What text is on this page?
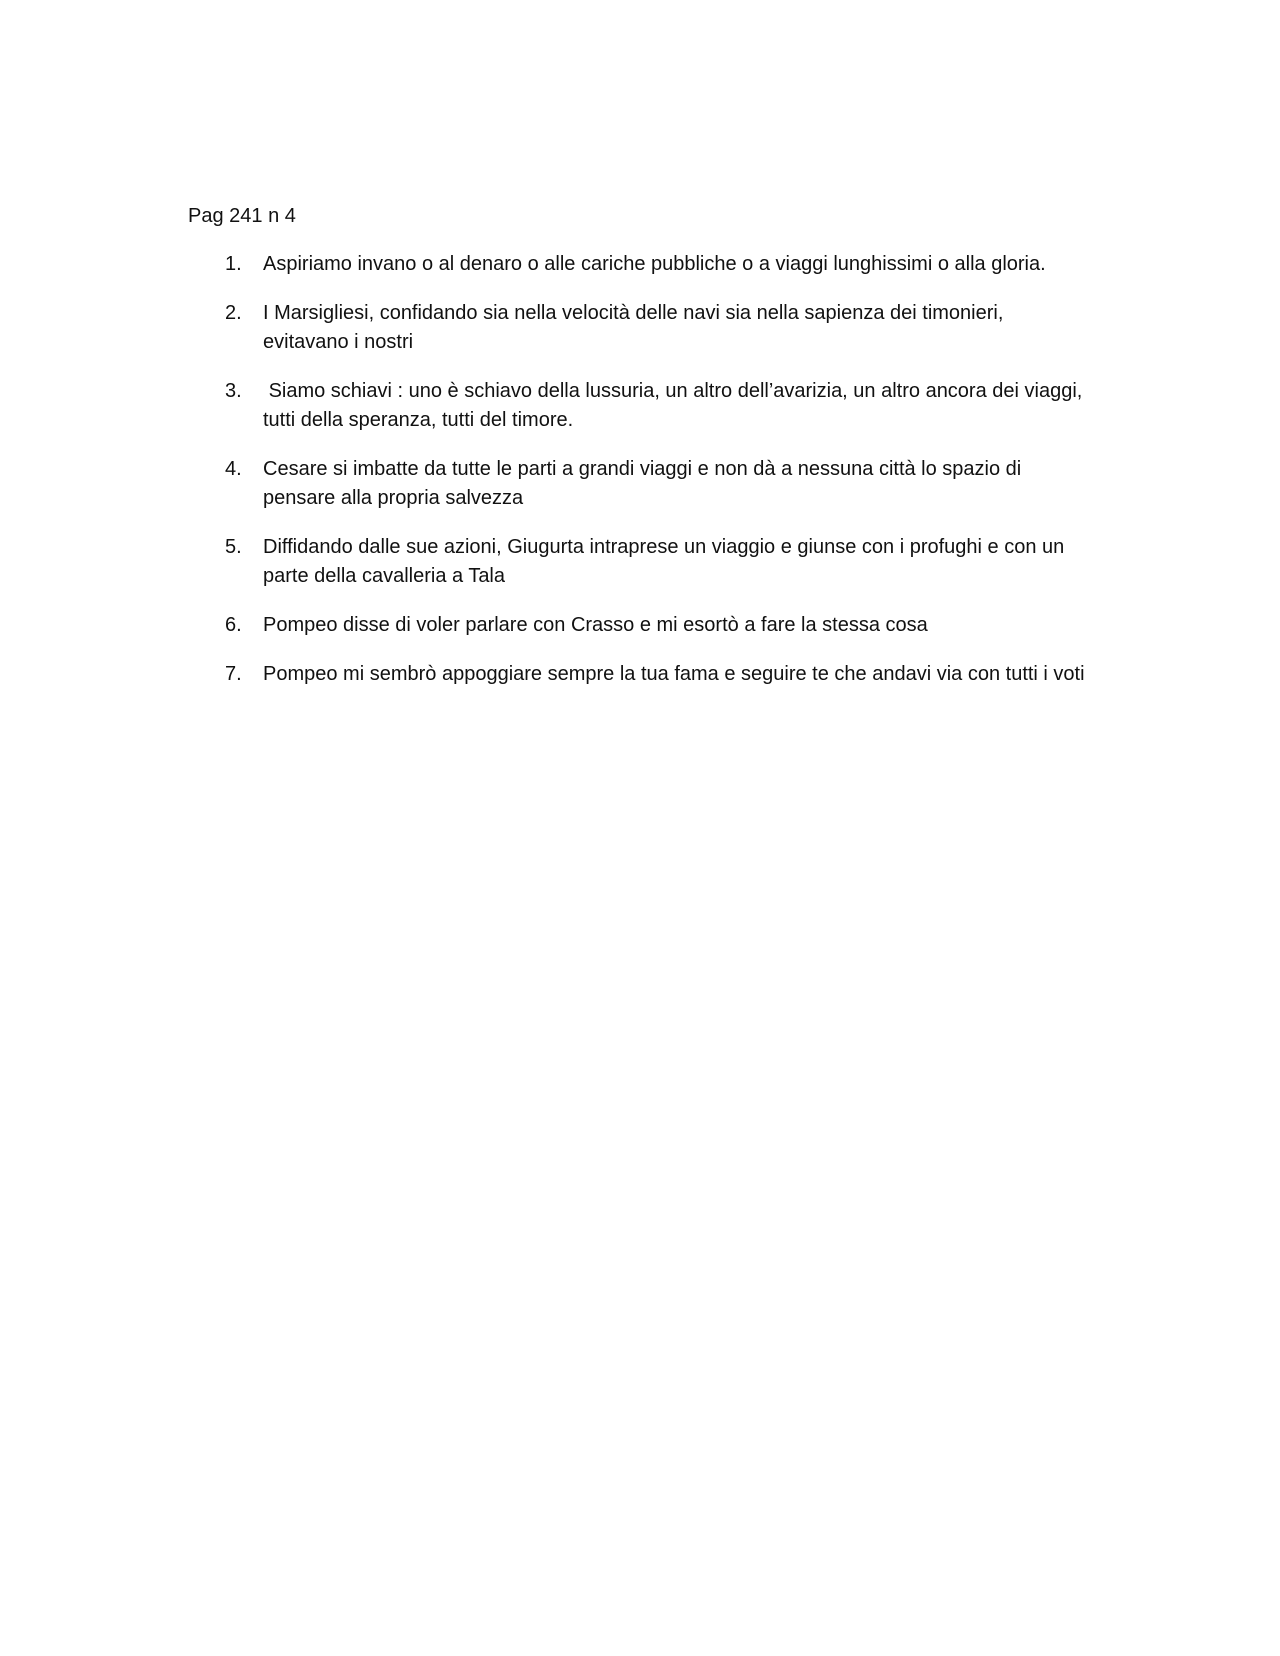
Pag 241 n 4
1.	Aspiriamo invano o al denaro o alle cariche pubbliche o a viaggi lunghissimi o alla gloria.
2.	I Marsigliesi, confidando sia nella velocità delle navi sia nella sapienza dei timonieri, evitavano i nostri
3.	Siamo schiavi : uno è schiavo della lussuria, un altro dell’avarizia, un altro ancora dei viaggi, tutti della speranza, tutti del timore.
4.	Cesare si imbatte da tutte le parti a grandi viaggi e non dà a nessuna città lo spazio di pensare alla propria salvezza
5.	Diffidando dalle sue azioni, Giugurta intraprese un viaggio e giunse con i profughi e con un parte della cavalleria a Tala
6.	Pompeo disse di voler parlare con Crasso e mi esortò a fare la stessa cosa
7.	Pompeo mi sembrò appoggiare sempre la tua fama e seguire te che andavi via con tutti i voti
